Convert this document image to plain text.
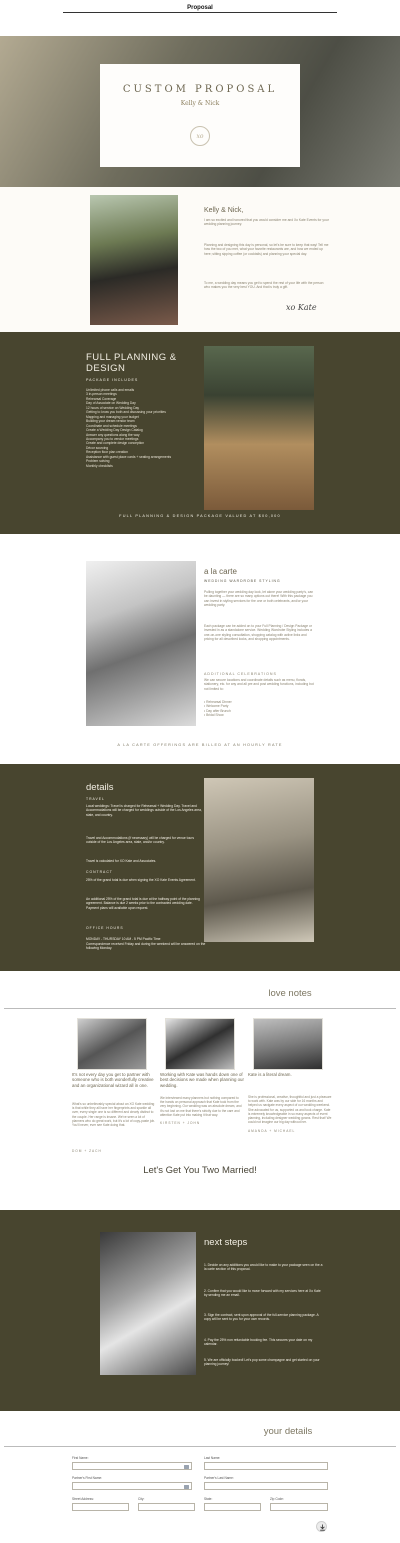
Proposal
CUSTOM PROPOSAL
Kelly & Nick
xo
Kelly & Nick,
I am so excited and honored that you would consider me and Xo Kate Events for your wedding planning journey.
Planning and designing this day is personal, so let's be sure to keep that way! Tell me how the two of you met, what your favorite restaurants are, and how we ended up here; sitting sipping coffee (or cocktails) and planning your special day.
To me, a wedding day means you get to spend the rest of your life with the person who makes you the very best YOU. And that is truly a gift.
xo Kate
FULL PLANNING & DESIGN
PACKAGE INCLUDES
Unlimited phone calls and emails
3 in-person meetings
Rehearsal Coverage
Day of Associate on Wedding Day
12 hours of service on Wedding Day
Getting to know you both and discussing your priorities
Mapping and managing your budget
Building your dream vendor team
Coordinate and schedule meetings
Create a Wedding Day Design Catalog
Answer any questions along the way
Accompany you to vendor meetings
Create and complete design conception
Décor sourcing
Reception floor plan creation
Assistance with guest place cards + seating arrangements
Problem solving
Monthly checklists
FULL PLANNING & DESIGN PACKAGE VALUED AT $00,000
a la carte
WEDDING WARDROBE STYLING
Pulling together your wedding day look, let alone your wedding party's, can be daunting — there are so many options out there! With this package you can invest in styling services for the one or both celebrants, and/or your wedding party.
Each package can be added on to your Full Planning / Design Package or invested in as a standalone service. Wedding Wardrobe Styling includes a one-on-one styling consultation, shopping catalog with active links and pricing for all described looks, and shopping appointments.
ADDITIONAL CELEBRATIONS
We can secure locations and coordinate details such as menu, florals, stationery, etc. for any and all pre and post wedding functions, including but not limited to:
• Rehearsal Dinner
• Welcome Party
• Day after Brunch
• Bridal Show
A LA CARTE OFFERINGS ARE BILLED AT AN HOURLY RATE
details
TRAVEL
Local weddings: Travel is charged for Rehearsal + Wedding Day. Travel and Accommodations will be charged for weddings outside of the Los Angeles area, state, and country.
Travel and Accommodations (if necessary) will be charged for venue tours outside of the Los Angeles area, state, and/or country.
Travel is calculated for XO Kate and Associates.
CONTRACT
25% of the grand total is due when signing the XO Kate Events Agreement.
An additional 25% of the grand total is due at the halfway point of the planning agreement. Balance is due 2 weeks prior to the contracted wedding date. Payment plans will available upon request.
OFFICE HOURS
MONDAY - THURSDAY 10 AM - 5 PM Pacific Time
Correspondence received Friday and during the weekend will be answered on the following Monday.
love notes
It's not every day you get to partner with someone who is both wonderfully creative and an organizational wizard all in one.
What's so unbelievably special about an XO Kate wedding is that while they all have her fingerprints and sparkle all over, every single one is so different and clearly distinct to the couple. Her range is insane. We've seen a lot of planners who do great work, but it's a lot of copy-paste job. You'll never, ever see Kate doing that.
DOM + ZACH
Working with Kate was hands down one of best decisions we made when planning our wedding.
We interviewed many planners but nothing compared to the hands on personal approach that Kate took from the very beginning. Our wedding was an absolute dream, and it's not lost on me that there's strictly due to the care and attention Kate put into making it that way.
KIRSTEN + JOHN
Kate is a literal dream.
She is professional, creative, thoughtful and just a pleasure to work with. Kate was by our side for 16 months and helped us navigate every aspect of our wedding weekend. She advocated for us, supported us and took charge. Kate is extremely knowledgeable in so many aspects of event planning, including designer wedding gowns. Rest that! We could not imagine our big day without her.
AMANDA + MICHAEL
Let's Get You Two Married!
next steps
1. Decide on any additions you would like to make to your package seen on the a la carte section of this proposal.
2. Confirm that you would like to move forward with my services here at Xo Kate by sending me an email.
3. Sign the contract, sent upon approval of the full-service planning package. A copy will be sent to you for your own records.
4. Pay the 25% non refundable booking fee. This secures your date on my calendar.
5. We are officially booked! Let's pop some champagne and get started on your planning journey!
your details
First Name:	Last Name:
Partner's First Name:	Partner's Last Name:
Street Address:	City:	State:	Zip Code:
